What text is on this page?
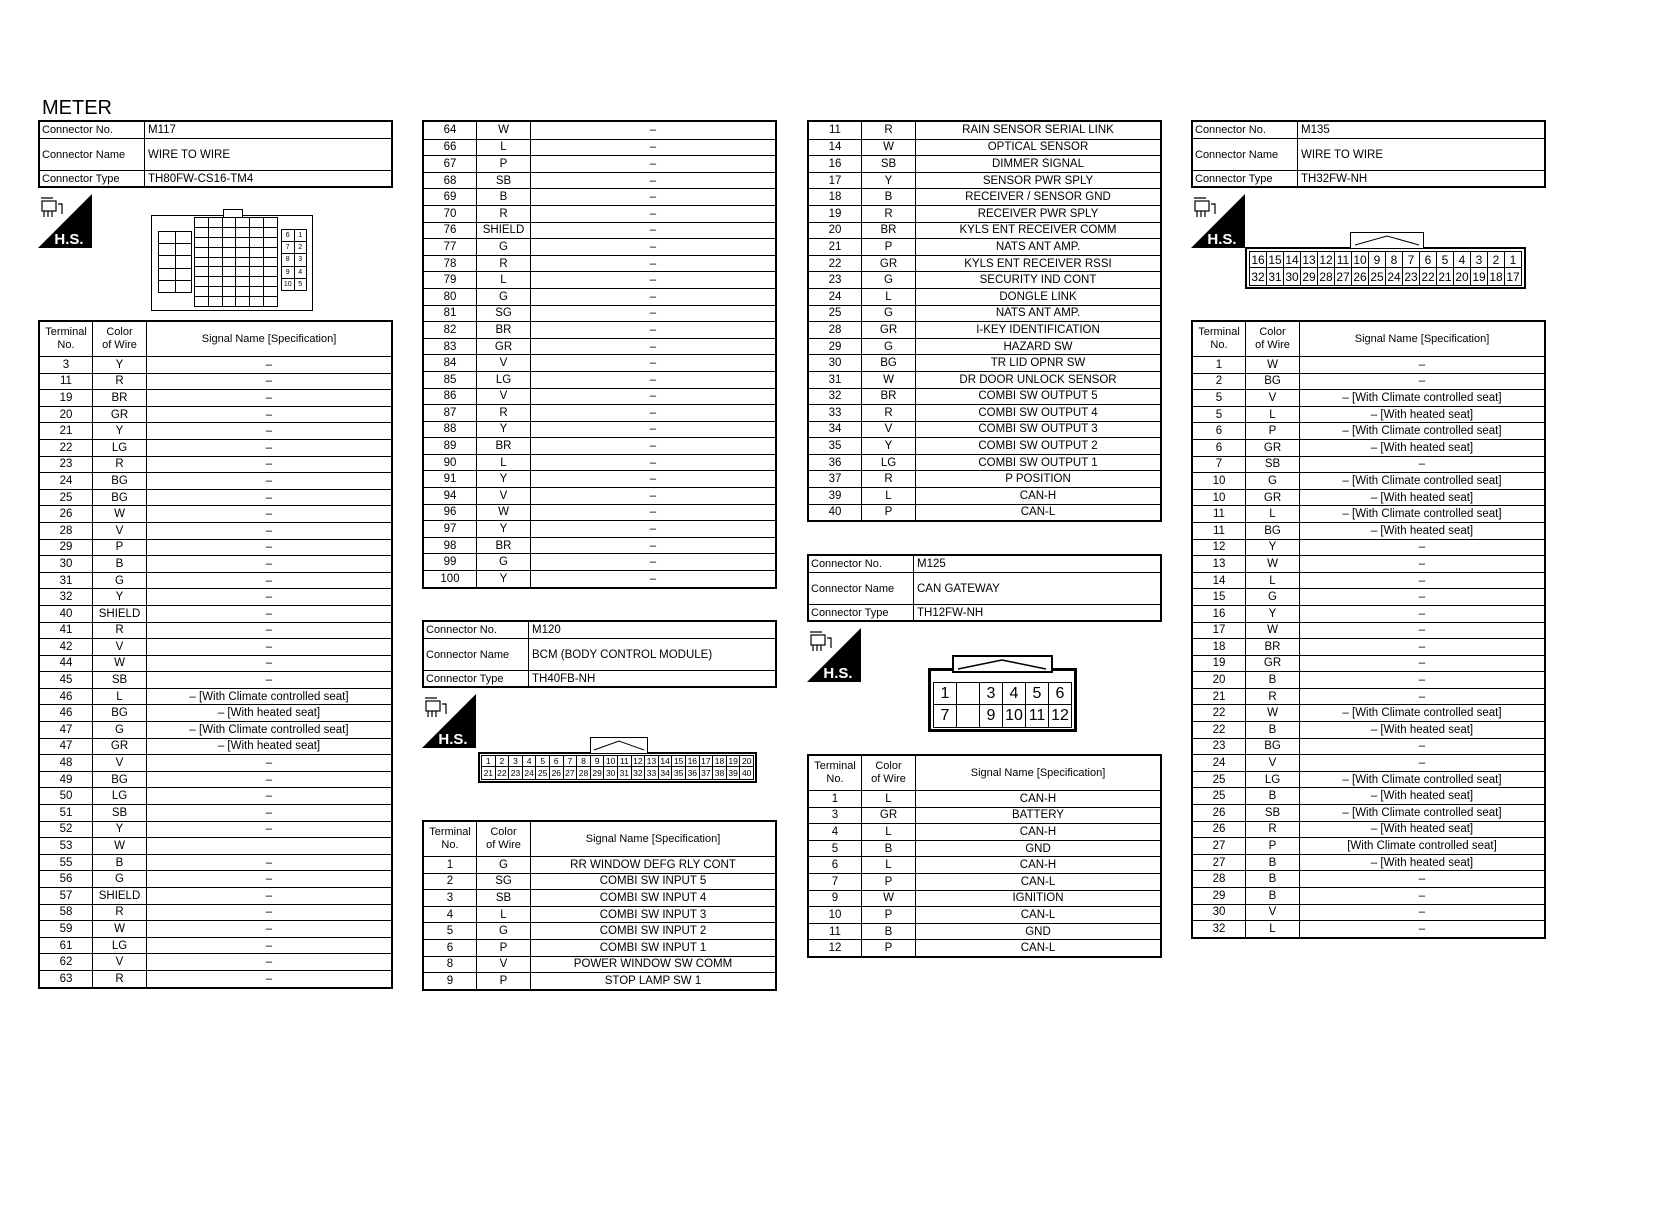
METER
Connector No.	M117
Connector Name	WIRE TO WIRE
Connector Type	TH80FW-CS16-TM4
H.S.	6	1
7	2
8	3
9	4
10 5
Terminal
No.
Color
of Wire
Signal Name [Specification]
3	Y	–
11	R	–
19	BR	–
20	GR	–
21	Y	–
22	LG	–
23	R	–
24	BG	–
25	BG	–
26	W	–
28	V	–
29	P	–
30	B	–
31	G	–
32	Y	–
40	SHIELD	–
41	R	–
42	V	–
44	W	–
45	SB	–
46	L	– [With Climate controlled seat]
46	BG	– [With heated seat]
47	G	– [With Climate controlled seat]
47	GR	– [With heated seat]
48	V	–
49	BG	–
50	LG	–
51	SB	–
52	Y	–
53	W
55	B	–
56	G	–
57	SHIELD	–
58	R	–
59	W	–
61	LG	–
62	V	–
63	R	–
64	W	–
66	L	–
67	P	–
68	SB	–
69	B	–
70	R	–
76	SHIELD	–
77	G	–
78	R	–
79	L	–
80	G	–
81	SG	–
82	BR	–
83	GR	–
84	V	–
85	LG	–
86	V	–
87	R	–
88	Y	–
89	BR	–
90	L	–
91	Y	–
94	V	–
96	W	–
97	Y	–
98	BR	–
99	G	–
100	Y	–
Connector No.	M120
Connector Name	BCM (BODY CONTROL MODULE)
Connector Type	TH40FB-NH
H.S.
1	2	3	4	5	6	7	8	9 10 11 12 13 14 15 16 17 18 19 20
21 22 23 24 25 26 27 28 29 30 31 32 33 34 35 36 37 38 39 40
Terminal
No.
Color
of Wire
Signal Name [Specification]
1	G	RR WINDOW DEFG RLY CONT
2	SG	COMBI SW INPUT 5
3	SB	COMBI SW INPUT 4
4	L	COMBI SW INPUT 3
5	G	COMBI SW INPUT 2
6	P	COMBI SW INPUT 1
8	V	POWER WINDOW SW COMM
9	P	STOP LAMP SW 1
11	R	RAIN SENSOR SERIAL LINK
14	W	OPTICAL SENSOR
16	SB	DIMMER SIGNAL
17	Y	SENSOR PWR SPLY
18	B	RECEIVER / SENSOR GND
19	R	RECEIVER PWR SPLY
20	BR	KYLS ENT RECEIVER COMM
21	P	NATS ANT AMP.
22	GR	KYLS ENT RECEIVER RSSI
23	G	SECURITY IND CONT
24	L	DONGLE LINK
25	G	NATS ANT AMP.
28	GR	I-KEY IDENTIFICATION
29	G	HAZARD SW
30	BG	TR LID OPNR SW
31	W	DR DOOR UNLOCK SENSOR
32	BR	COMBI SW OUTPUT 5
33	R	COMBI SW OUTPUT 4
34	V	COMBI SW OUTPUT 3
35	Y	COMBI SW OUTPUT 2
36	LG	COMBI SW OUTPUT 1
37	R	P POSITION
39	L	CAN-H
40	P	CAN-L
Connector No.	M125
Connector Name	CAN GATEWAY
Connector Type	TH12FW-NH
H.S.
1	3 4 5 6
7	9 10 11 12
Terminal
No.
Color
of Wire
Signal Name [Specification]
1	L	CAN-H
3	GR	BATTERY
4	L	CAN-H
5	B	GND
6	L	CAN-H
7	P	CAN-L
9	W	IGNITION
10	P	CAN-L
11	B	GND
12	P	CAN-L
Connector No.	M135
Connector Name	WIRE TO WIRE
Connector Type	TH32FW-NH
H.S.
16 15 14 13 12 11 10 9 8 7 6 5 4 3 2 1
32 31 30 29 28 27 26 25 24 23 22 21 20 19 18 17
Terminal
No.
Color
of Wire
Signal Name [Specification]
1	W	–
2	BG	–
5	V	– [With Climate controlled seat]
5	L	– [With heated seat]
6	P	– [With Climate controlled seat]
6	GR	– [With heated seat]
7	SB	–
10	G	– [With Climate controlled seat]
10	GR	– [With heated seat]
11	L	– [With Climate controlled seat]
11	BG	– [With heated seat]
12	Y	–
13	W	–
14	L	–
15	G	–
16	Y	–
17	W	–
18	BR	–
19	GR	–
20	B	–
21	R	–
22	W	– [With Climate controlled seat]
22	B	– [With heated seat]
23	BG	–
24	V	–
25	LG	– [With Climate controlled seat]
25	B	– [With heated seat]
26	SB	– [With Climate controlled seat]
26	R	– [With heated seat]
27	P	[With Climate controlled seat]
27	B	– [With heated seat]
28	B	–
29	B	–
30	V	–
32	L	–
